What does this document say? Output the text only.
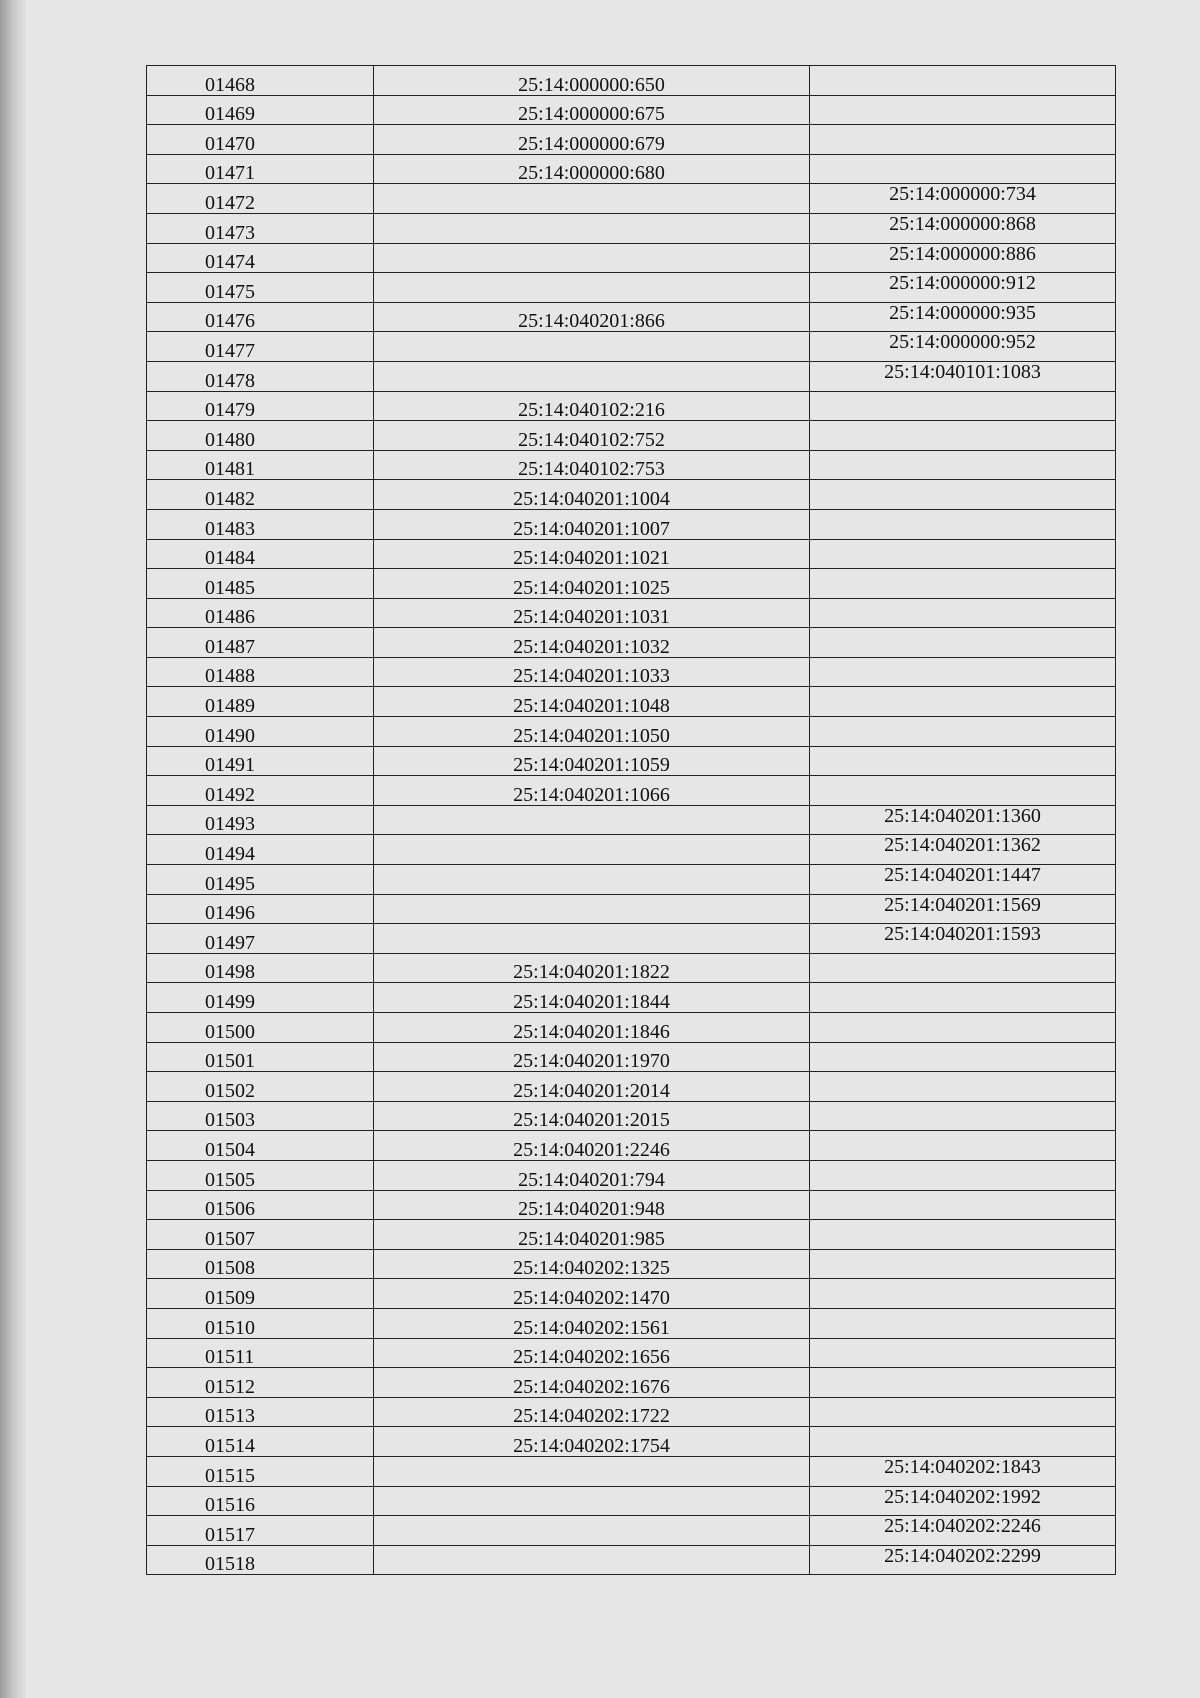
01468	25:14:000000:650	
01469	25:14:000000:675	
01470	25:14:000000:679	
01471	25:14:000000:680	
01472		25:14:000000:734
01473		25:14:000000:868
01474		25:14:000000:886
01475		25:14:000000:912
01476	25:14:040201:866	25:14:000000:935
01477		25:14:000000:952
01478		25:14:040101:1083
01479	25:14:040102:216	
01480	25:14:040102:752	
01481	25:14:040102:753	
01482	25:14:040201:1004	
01483	25:14:040201:1007	
01484	25:14:040201:1021	
01485	25:14:040201:1025	
01486	25:14:040201:1031	
01487	25:14:040201:1032	
01488	25:14:040201:1033	
01489	25:14:040201:1048	
01490	25:14:040201:1050	
01491	25:14:040201:1059	
01492	25:14:040201:1066	
01493		25:14:040201:1360
01494		25:14:040201:1362
01495		25:14:040201:1447
01496		25:14:040201:1569
01497		25:14:040201:1593
01498	25:14:040201:1822	
01499	25:14:040201:1844	
01500	25:14:040201:1846	
01501	25:14:040201:1970	
01502	25:14:040201:2014	
01503	25:14:040201:2015	
01504	25:14:040201:2246	
01505	25:14:040201:794	
01506	25:14:040201:948	
01507	25:14:040201:985	
01508	25:14:040202:1325	
01509	25:14:040202:1470	
01510	25:14:040202:1561	
01511	25:14:040202:1656	
01512	25:14:040202:1676	
01513	25:14:040202:1722	
01514	25:14:040202:1754	
01515		25:14:040202:1843
01516		25:14:040202:1992
01517		25:14:040202:2246
01518		25:14:040202:2299
